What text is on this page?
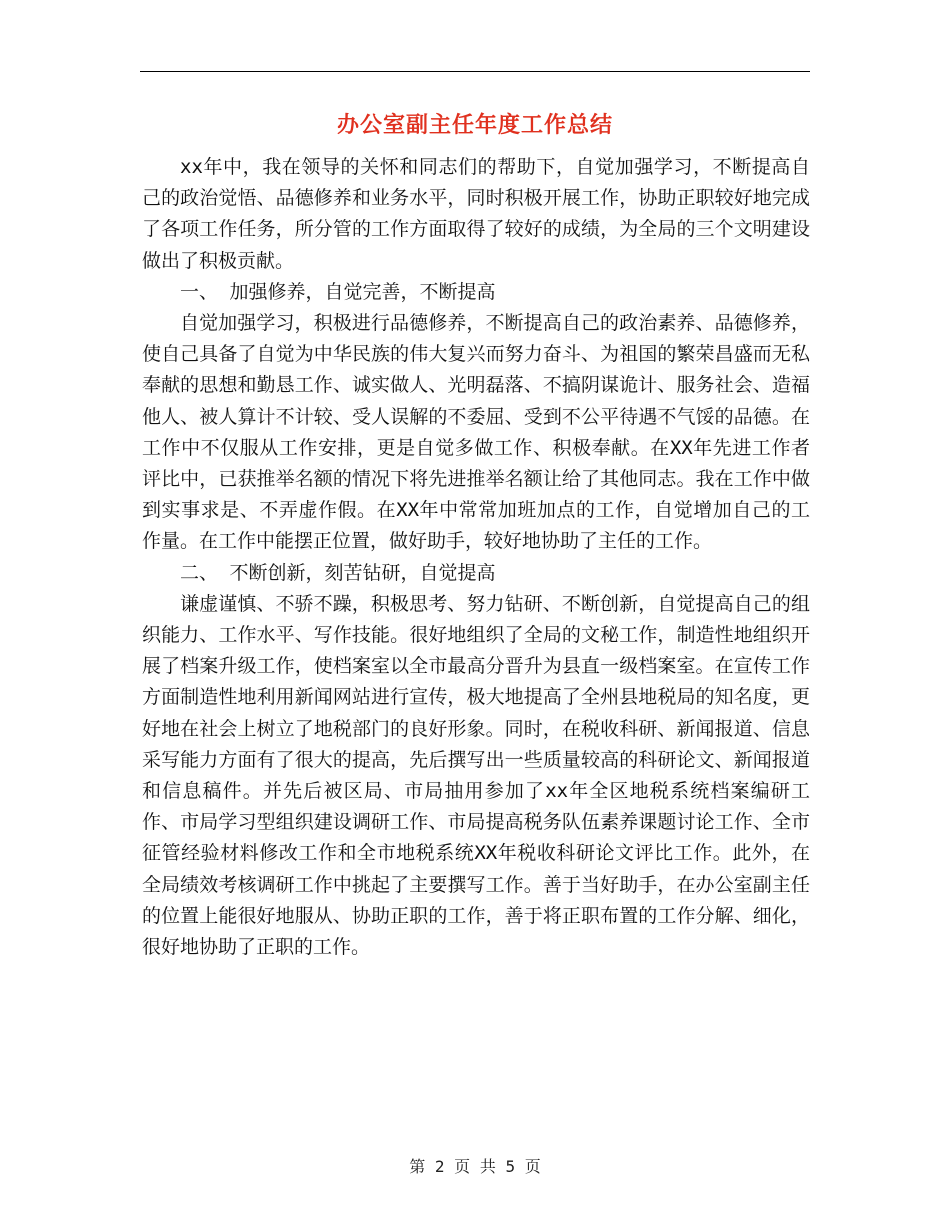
办公室副主任年度工作总结

xx年中，我在领导的关怀和同志们的帮助下，自觉加强学习，不断提高自己的政治觉悟、品德修养和业务水平，同时积极开展工作，协助正职较好地完成了各项工作任务，所分管的工作方面取得了较好的成绩，为全局的三个文明建设做出了积极贡献。

一、 加强修养，自觉完善，不断提高

自觉加强学习，积极进行品德修养，不断提高自己的政治素养、品德修养，使自己具备了自觉为中华民族的伟大复兴而努力奋斗、为祖国的繁荣昌盛而无私奉献的思想和勤恳工作、诚实做人、光明磊落、不搞阴谋诡计、服务社会、造福他人、被人算计不计较、受人误解的不委屈、受到不公平待遇不气馁的品德。在工作中不仅服从工作安排，更是自觉多做工作、积极奉献。在XX年先进工作者评比中，已获推举名额的情况下将先进推举名额让给了其他同志。我在工作中做到实事求是、不弄虚作假。在XX年中常常加班加点的工作，自觉增加自己的工作量。在工作中能摆正位置，做好助手，较好地协助了主任的工作。

二、 不断创新，刻苦钻研，自觉提高

谦虚谨慎、不骄不躁，积极思考、努力钻研、不断创新，自觉提高自己的组织能力、工作水平、写作技能。很好地组织了全局的文秘工作，制造性地组织开展了档案升级工作，使档案室以全市最高分晋升为县直一级档案室。在宣传工作方面制造性地利用新闻网站进行宣传，极大地提高了全州县地税局的知名度，更好地在社会上树立了地税部门的良好形象。同时，在税收科研、新闻报道、信息采写能力方面有了很大的提高，先后撰写出一些质量较高的科研论文、新闻报道和信息稿件。并先后被区局、市局抽用参加了xx年全区地税系统档案编研工作、市局学习型组织建设调研工作、市局提高税务队伍素养课题讨论工作、全市征管经验材料修改工作和全市地税系统XX年税收科研论文评比工作。此外，在全局绩效考核调研工作中挑起了主要撰写工作。善于当好助手，在办公室副主任的位置上能很好地服从、协助正职的工作，善于将正职布置的工作分解、细化，很好地协助了正职的工作。

第 2 页 共 5 页
